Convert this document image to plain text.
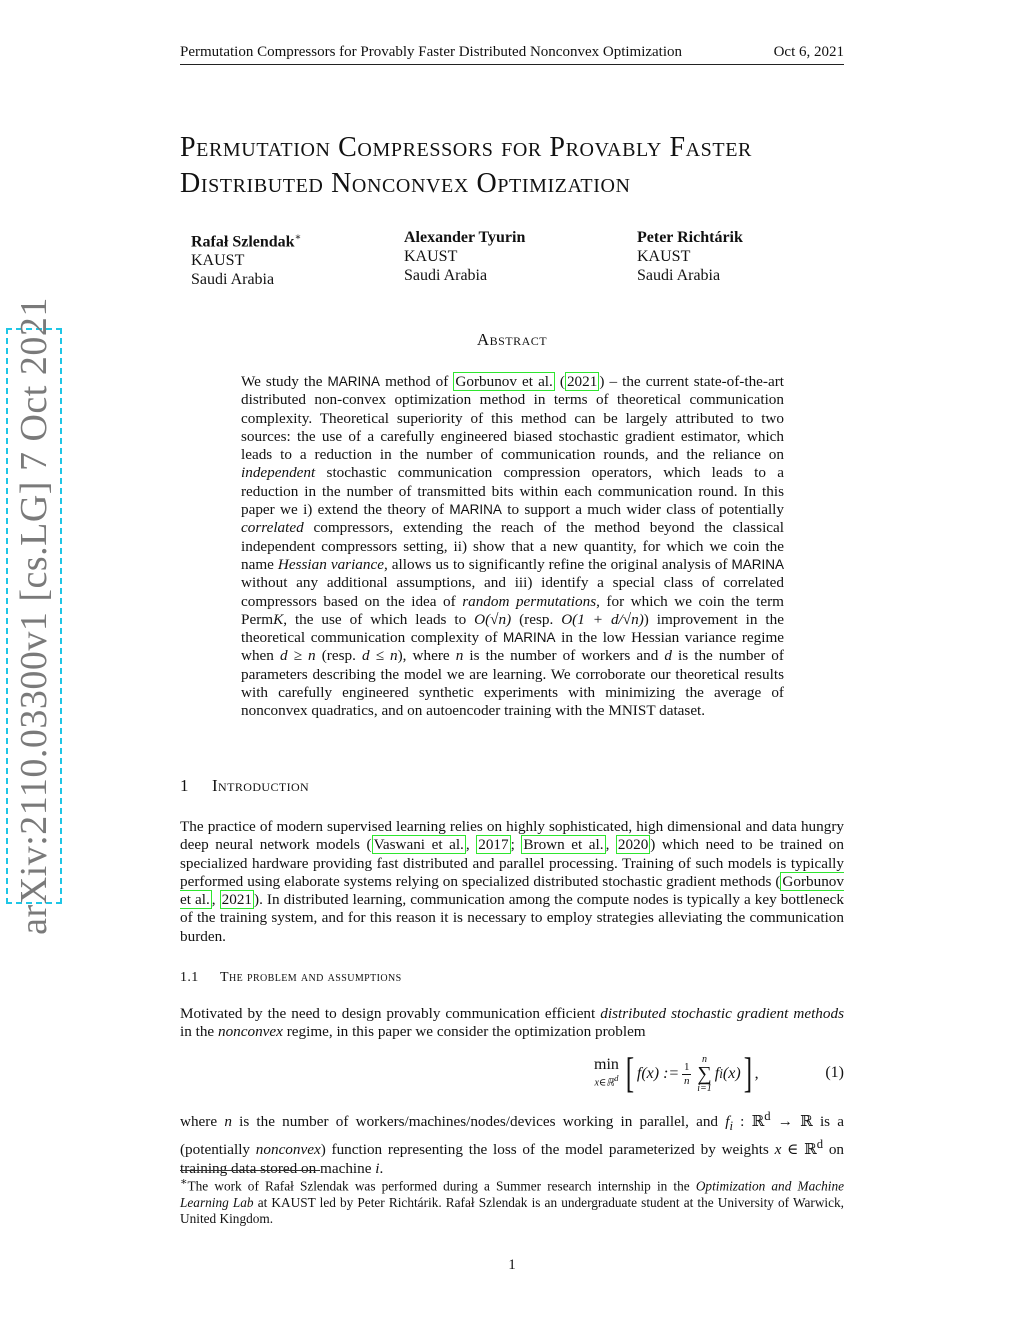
Permutation Compressors for Provably Faster Distributed Nonconvex Optimization	Oct 6, 2021
arXiv:2110.03300v1 [cs.LG] 7 Oct 2021
Permutation Compressors for Provably Faster
Distributed Nonconvex Optimization
Rafał Szlendak∗
KAUST
Saudi Arabia
Alexander Tyurin
KAUST
Saudi Arabia
Peter Richtárik
KAUST
Saudi Arabia
Abstract

We study the MARINA method of Gorbunov et al. ( 2021 ) – the current state-of-the-art distributed non-convex optimization method in terms of theoretical communication complexity. Theoretical superiority of this method can be largely attributed to two sources: the use of a carefully engineered biased stochastic gradient estimator, which leads to a reduction in the number of communication rounds, and the reliance on independent stochastic communication compression operators, which leads to a reduction in the number of transmitted bits within each communication round. In this paper we i) extend the theory of MARINA to support a much wider class of potentially correlated compressors, extending the reach of the method beyond the classical independent compressors setting, ii) show that a new quantity, for which we coin the name Hessian variance, allows us to significantly refine the original analysis of MARINA without any additional assumptions, and iii) identify a special class of correlated compressors based on the idea of random permutations, for which we coin the term PermK, the use of which leads to O(√n) (resp. O(1 + d/√n)) improvement in the theoretical communication complexity of MARINA in the low Hessian variance regime when d ≥ n (resp. d ≤ n), where n is the number of workers and d is the number of parameters describing the model we are learning. We corroborate our theoretical results with carefully engineered synthetic experiments with minimizing the average of nonconvex quadratics, and on autoencoder training with the MNIST dataset.

1 Introduction

The practice of modern supervised learning relies on highly sophisticated, high dimensional and data hungry deep neural network models ( Vaswani et al. , 2017 ; Brown et al. , 2020 ) which need to be trained on specialized hardware providing fast distributed and parallel processing. Training of such models is typically performed using elaborate systems relying on specialized distributed stochastic gradient methods ( Gorbunov et al. , 2021 ). In distributed learning, communication among the compute nodes is typically a key bottleneck of the training system, and for this reason it is necessary to employ strategies alleviating the communication burden.

1.1 The problem and assumptions

Motivated by the need to design provably communication efficient distributed stochastic gradient methods in the nonconvex regime, in this paper we consider the optimization problem

min
x∈ℝ$^d$ [ f(x) := $\frac{1}{n}$
n
∑
i=1
f i (x) ] ,	(1)

where n is the number of workers/machines/nodes/devices working in parallel, and $f_i$ : ℝ$^d$ → ℝ is a (potentially nonconvex) function representing the loss of the model parameterized by weights x ∈ ℝ$^d$ on training data stored on machine i.

∗The work of Rafał Szlendak was performed during a Summer research internship in the Optimization and Machine Learning Lab at KAUST led by Peter Richtárik. Rafał Szlendak is an undergraduate student at the University of Warwick, United Kingdom.

1
